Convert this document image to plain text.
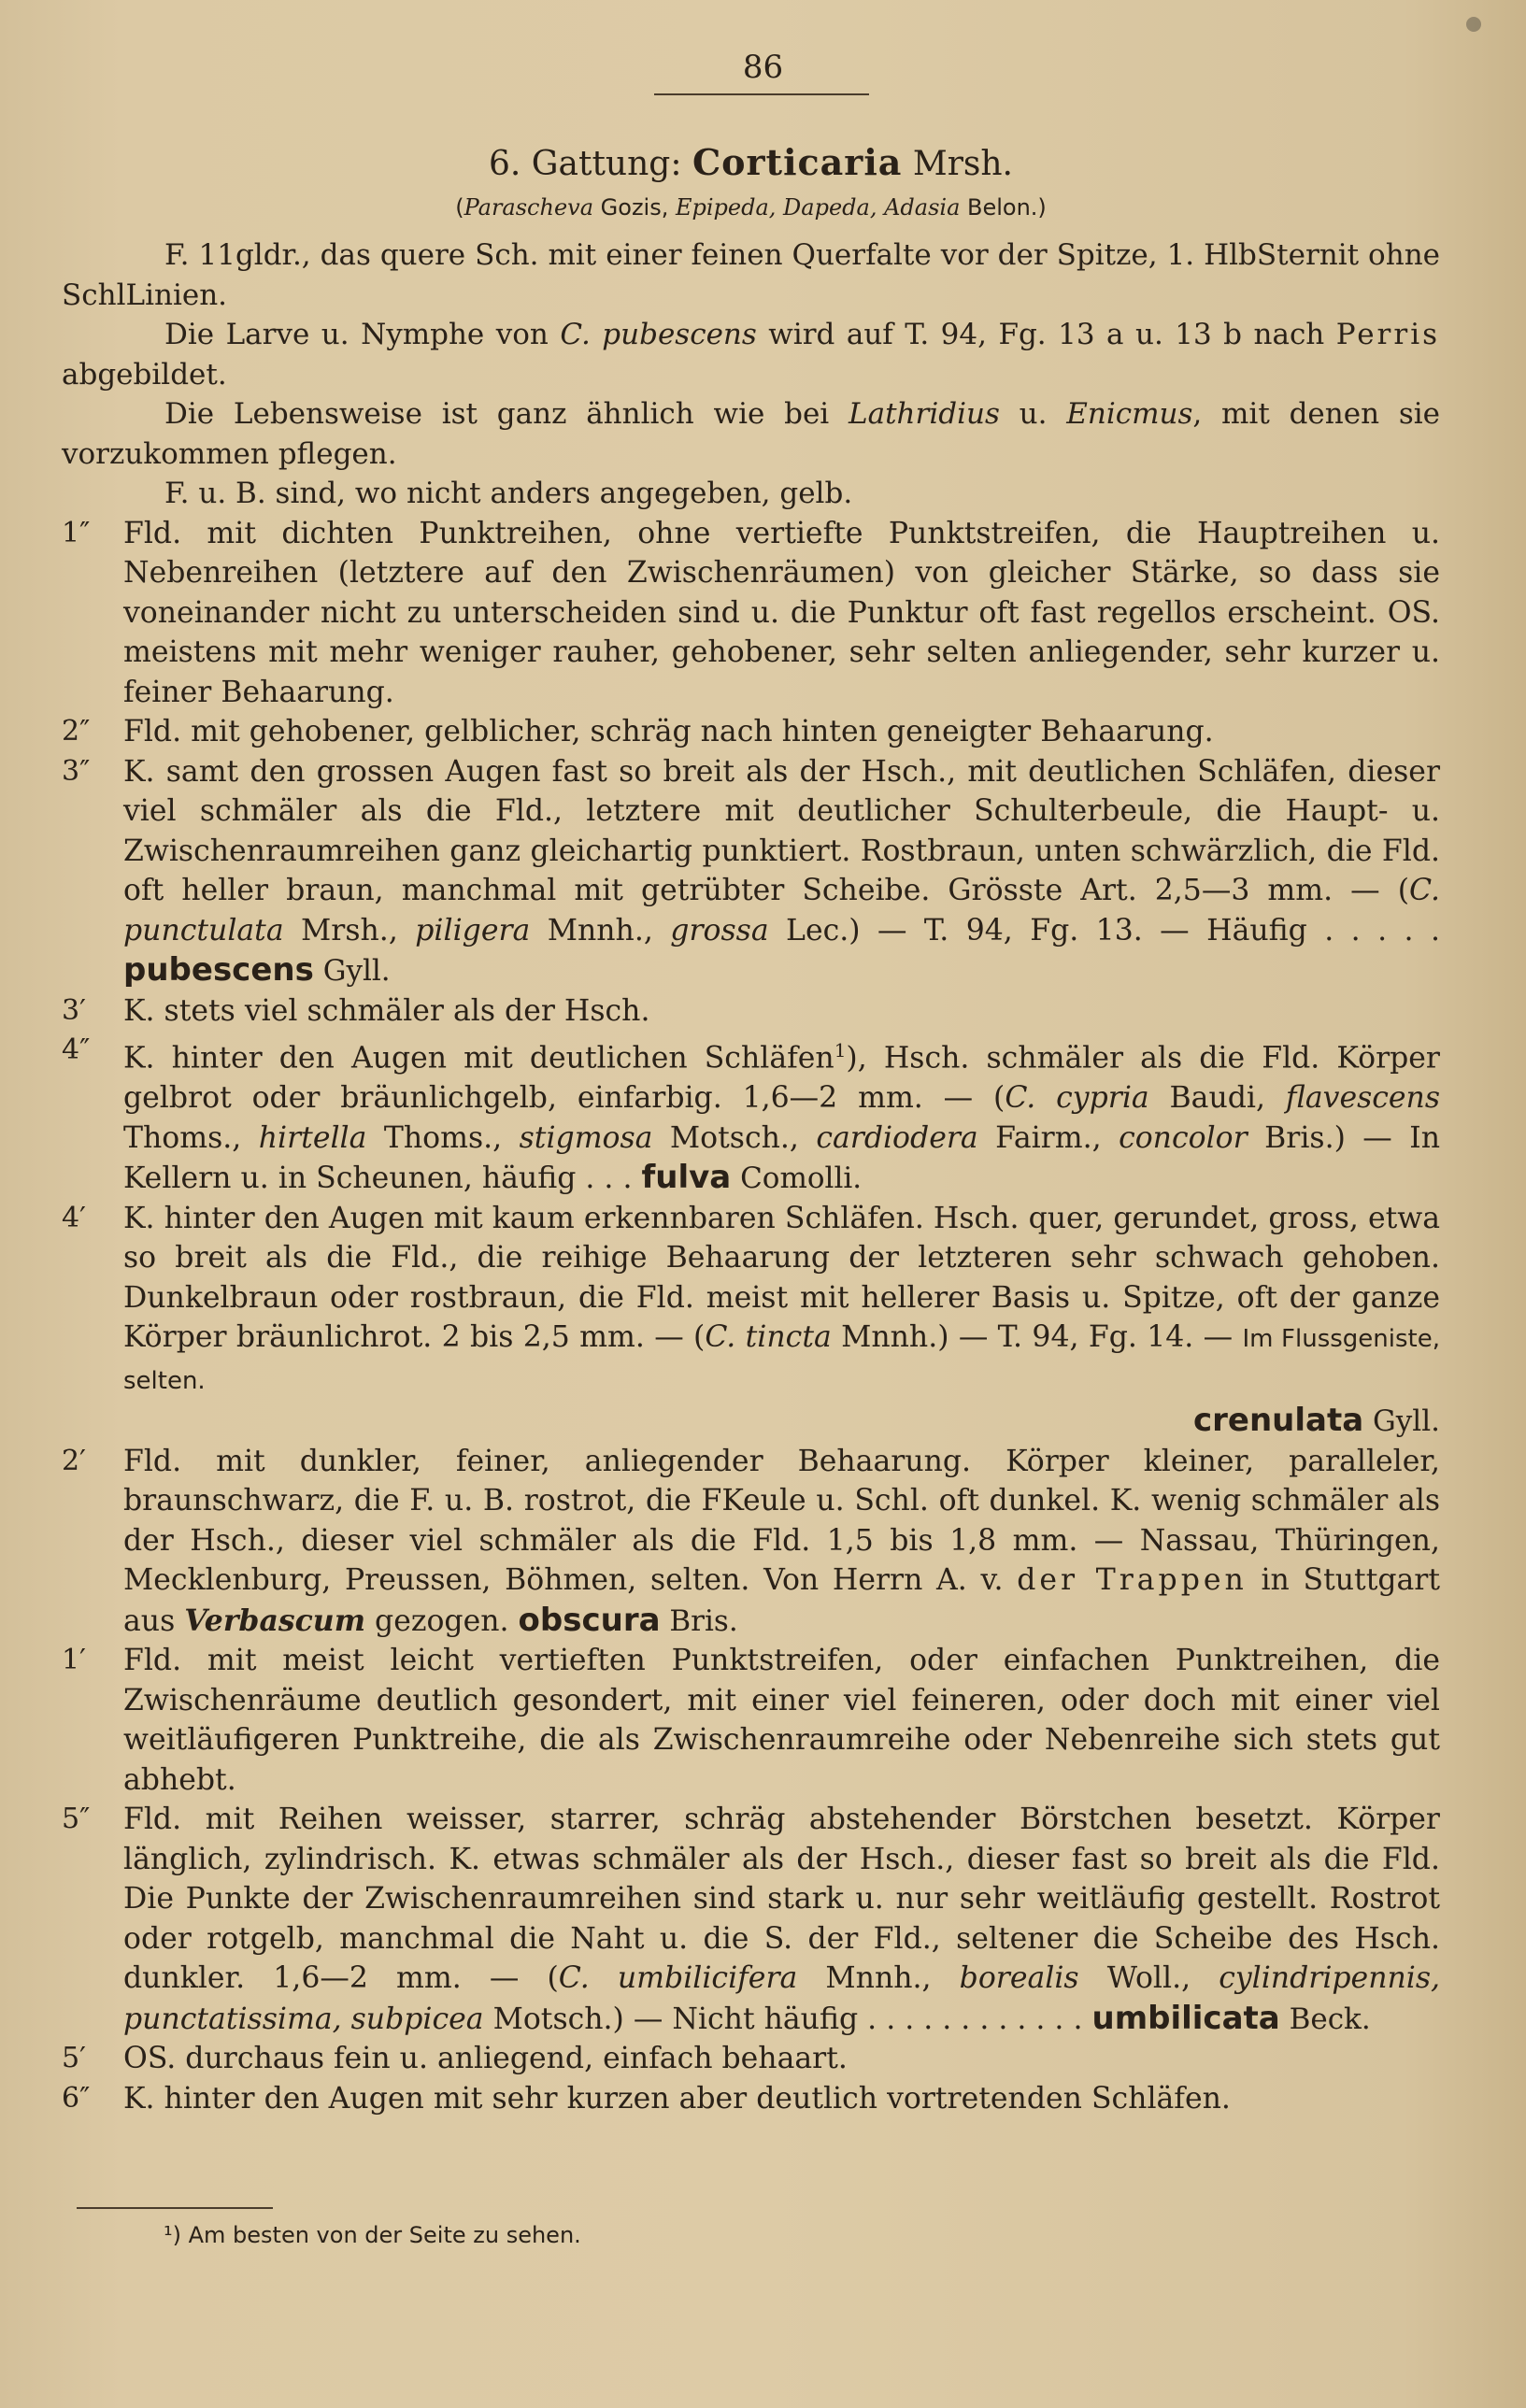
86

6. Gattung: Corticaria Mrsh.

(Parascheva Gozis, Epipeda, Dapeda, Adasia Belon.)

F. 11gldr., das quere Sch. mit einer feinen Querfalte vor der Spitze, 1. HlbSternit ohne SchlLinien.

Die Larve u. Nymphe von C. pubescens wird auf T. 94, Fg. 13 a u. 13 b nach Perris abgebildet.

Die Lebensweise ist ganz ähnlich wie bei Lathridius u. Enicmus, mit denen sie vorzukommen pflegen.

F. u. B. sind, wo nicht anders angegeben, gelb.

1″	Fld. mit dichten Punktreihen, ohne vertiefte Punktstreifen, die Hauptreihen u. Nebenreihen (letztere auf den Zwischenräumen) von gleicher Stärke, so dass sie voneinander nicht zu unterscheiden sind u. die Punktur oft fast regellos erscheint. OS. meistens mit mehr weniger rauher, gehobener, sehr selten anliegender, sehr kurzer u. feiner Behaarung.
2″	Fld. mit gehobener, gelblicher, schräg nach hinten geneigter Behaarung.
3″	K. samt den grossen Augen fast so breit als der Hsch., mit deutlichen Schläfen, dieser viel schmäler als die Fld., letztere mit deutlicher Schulterbeule, die Haupt- u. Zwischenraumreihen ganz gleichartig punktiert. Rostbraun, unten schwärzlich, die Fld. oft heller braun, manchmal mit getrübter Scheibe. Grösste Art. 2,5—3 mm. — (C. punctulata Mrsh., piligera Mnnh., grossa Lec.) — T. 94, Fg. 13. — Häufig . . . . . pubescens Gyll.
3′	K. stets viel schmäler als der Hsch.
4″	K. hinter den Augen mit deutlichen Schläfen$^1$), Hsch. schmäler als die Fld. Körper gelbrot oder bräunlichgelb, einfarbig. 1,6—2 mm. — (C. cypria Baudi, flavescens Thoms., hirtella Thoms., stigmosa Motsch., cardiodera Fairm., concolor Bris.) — In Kellern u. in Scheunen, häufig . . . fulva Comolli.
4′	K. hinter den Augen mit kaum erkennbaren Schläfen. Hsch. quer, gerundet, gross, etwa so breit als die Fld., die reihige Behaarung der letzteren sehr schwach gehoben. Dunkelbraun oder rostbraun, die Fld. meist mit hellerer Basis u. Spitze, oft der ganze Körper bräunlichrot. 2 bis 2,5 mm. — (C. tincta Mnnh.) — T. 94, Fg. 14. — Im Flussgeniste, selten.
crenulata Gyll.
2′	Fld. mit dunkler, feiner, anliegender Behaarung. Körper kleiner, paralleler, braunschwarz, die F. u. B. rostrot, die FKeule u. Schl. oft dunkel. K. wenig schmäler als der Hsch., dieser viel schmäler als die Fld. 1,5 bis 1,8 mm. — Nassau, Thüringen, Mecklenburg, Preussen, Böhmen, selten. Von Herrn A. v. der Trappen in Stuttgart aus Verbascum gezogen. obscura Bris.
1′	Fld. mit meist leicht vertieften Punktstreifen, oder einfachen Punktreihen, die Zwischenräume deutlich gesondert, mit einer viel feineren, oder doch mit einer viel weitläufigeren Punktreihe, die als Zwischenraumreihe oder Nebenreihe sich stets gut abhebt.
5″	Fld. mit Reihen weisser, starrer, schräg abstehender Börstchen besetzt. Körper länglich, zylindrisch. K. etwas schmäler als der Hsch., dieser fast so breit als die Fld. Die Punkte der Zwischenraumreihen sind stark u. nur sehr weitläufig gestellt. Rostrot oder rotgelb, manchmal die Naht u. die S. der Fld., seltener die Scheibe des Hsch. dunkler. 1,6—2 mm. — (C. umbilicifera Mnnh., borealis Woll., cylindripennis, punctatissima, subpicea Motsch.) — Nicht häufig . . . . . . . . . . . . umbilicata Beck.
5′	OS. durchaus fein u. anliegend, einfach behaart.
6″	K. hinter den Augen mit sehr kurzen aber deutlich vortretenden Schläfen.
¹) Am besten von der Seite zu sehen.
